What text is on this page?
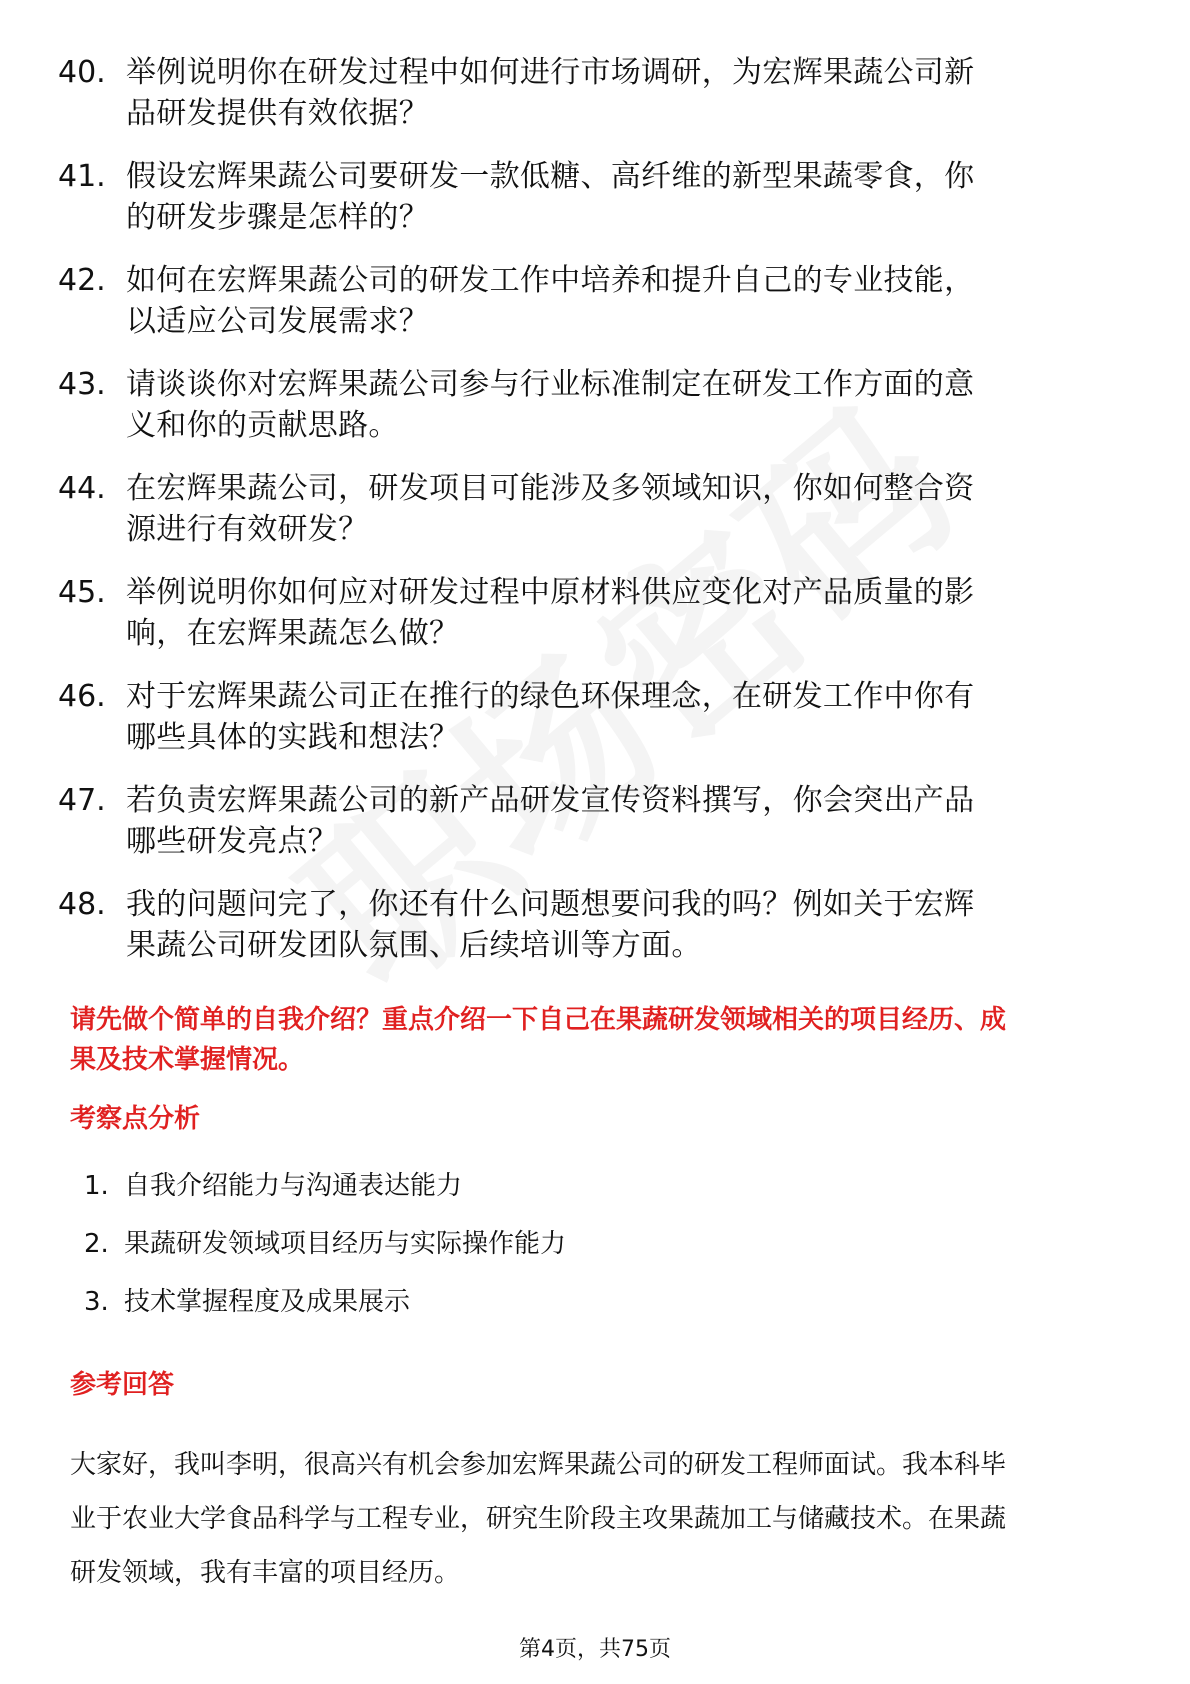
40. 举例说明你在研发过程中如何进行市场调研，为宏辉果蔬公司新
品研发提供有效依据？
41. 假设宏辉果蔬公司要研发一款低糖、高纤维的新型果蔬零食，你
的研发步骤是怎样的？
42. 如何在宏辉果蔬公司的研发工作中培养和提升自己的专业技能，
以适应公司发展需求？
43. 请谈谈你对宏辉果蔬公司参与行业标准制定在研发工作方面的意
义和你的贡献思路。
44. 在宏辉果蔬公司，研发项目可能涉及多领域知识，你如何整合资
源进行有效研发？
45. 举例说明你如何应对研发过程中原材料供应变化对产品质量的影
响，在宏辉果蔬怎么做？
46. 对于宏辉果蔬公司正在推行的绿色环保理念，在研发工作中你有
哪些具体的实践和想法？
47. 若负责宏辉果蔬公司的新产品研发宣传资料撰写，你会突出产品
哪些研发亮点？
48. 我的问题问完了，你还有什么问题想要问我的吗？例如关于宏辉
果蔬公司研发团队氛围、后续培训等方面。
请先做个简单的自我介绍？重点介绍一下自己在果蔬研发领域相关的项目经历、成
果及技术掌握情况。
考察点分析
1. 自我介绍能力与沟通表达能力
2. 果蔬研发领域项目经历与实际操作能力
3. 技术掌握程度及成果展示
参考回答
大家好，我叫李明，很高兴有机会参加宏辉果蔬公司的研发工程师面试。我本科毕
业于农业大学食品科学与工程专业，研究生阶段主攻果蔬加工与储藏技术。在果蔬
研发领域，我有丰富的项目经历。
第4页，共75页
